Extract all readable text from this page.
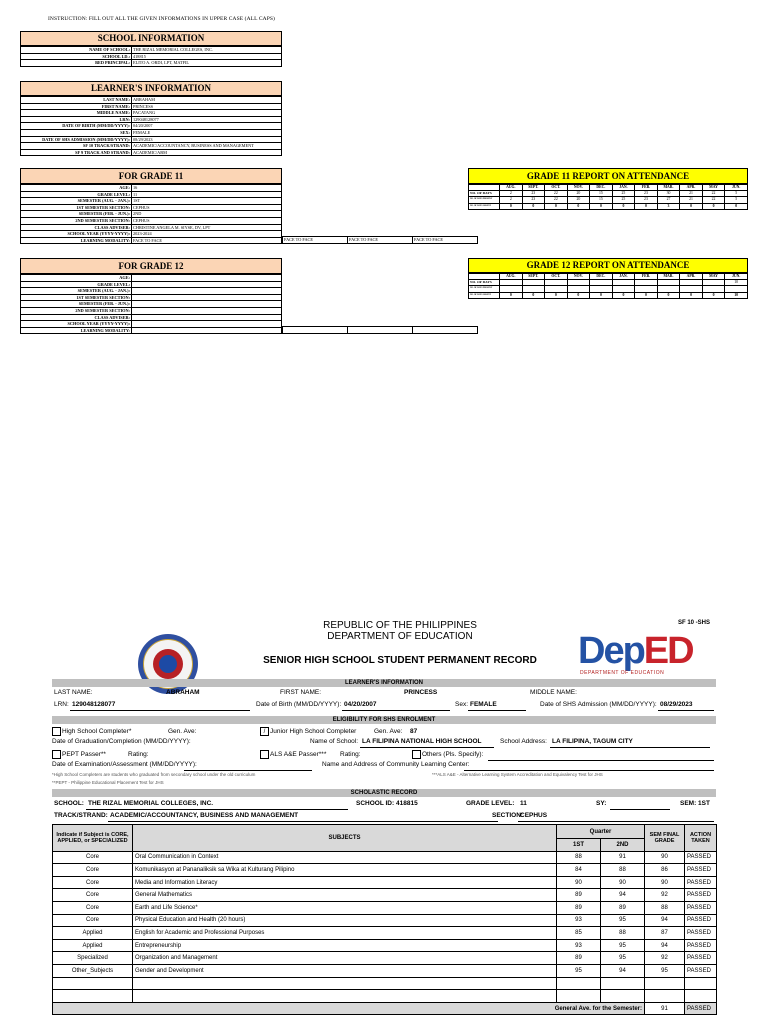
INSTRUCTION: FILL OUT ALL THE GIVEN INFORMATIONS IN UPPER CASE (ALL CAPS)
SCHOOL INFORMATION
NAME OF SCHOOL:	THE RIZAL MEMORIAL COLLEGES, INC.
SCHOOL I.D.:	418815
BED PRINCIPAL:	ELITO A. ORDI, LPT, MATFIL
LEARNER'S INFORMATION
LAST NAME:	ABRAHAM
FIRST NAME:	PRINCESS
MIDDLE NAME:	PACATANG
LRN:	129048128077
DATE OF BIRTH (MM/DD/YYYY):	04/20/2007
SEX:	FEMALE
DATE OF SHS ADMISSION (MM/DD/YYYY):	08/29/2023
SF 10 TRACK/STRAND:	ACADEMIC/ACCOUNTANCY, BUSINESS AND MANAGEMENT
SF 9 TRACK AND STRAND:	ACADEMIC/ABM
FOR GRADE 11
AGE:	16
GRADE LEVEL:	11
SEMESTER (AUG. - JAN.):	1ST
1ST SEMESTER SECTION:	CEPHUS
SEMESTER (FEB. - JUN.):	2ND
2ND SEMESTER SECTION:	CEPHUS
CLASS ADVISER:	CHRISTINE ANGELA M. SIYSE, DV, LPT
SCHOOL YEAR (YYYY-YYYY):	2023-2024
LEARNING MODALITY:	FACE TO FACE	FACE TO FACE	FACE TO FACE	FACE TO FACE
FOR GRADE 12
AGE:	
GRADE LEVEL:	
SEMESTER (AUG. - JAN.):	
1ST SEMESTER SECTION:	
SEMESTER (FEB. - JUN.):	
2ND SEMESTER SECTION:	
CLASS ADVISER:	
SCHOOL YEAR (YYYY-YYYY):	
LEARNING MODALITY:	

GRADE 11 REPORT ON ATTENDANCE
	AUG.	SEPT.	OCT.	NOV.	DEC.	JAN.	FEB.	MAR.	APR.	MAY	JUN.
NO. OF DAYS	2	23	22	20	15	25	23	30	21	22	5
NO. OF DAYS PRESENT	2	23	22	20	15	25	23	27	21	22	5
NO. OF DAYS ABSENT	0	0	0	0	0	0	0	3	0	0	0
GRADE 12 REPORT ON ATTENDANCE
	AUG.	SEPT.	OCT.	NOV.	DEC.	JAN.	FEB.	MAR.	APR.	MAY	JUN.
NO. OF DAYS											10
NO. OF DAYS PRESENT											
NO. OF DAYS ABSENT	0	0	0	0	0	0	0	0	0	0	10
SF 10 -SHS
REPUBLIC OF THE PHILIPPINES
DEPARTMENT OF EDUCATION
SENIOR HIGH SCHOOL STUDENT PERMANENT RECORD	DepED
DEPARTMENT OF EDUCATION
LEARNER'S INFORMATION
LAST NAME:	ABRAHAM	FIRST NAME:	PRINCESS	MIDDLE NAME:
LRN: 129048128077	Date of Birth (MM/DD/YYYY): 04/20/2007	Sex: FEMALE	Date of SHS Admission (MM/DD/YYYY): 08/29/2023
ELIGIBILITY FOR SHS ENROLMENT
High School Completer*	Gen. Ave:	/ Junior High School Completer	Gen. Ave: 87
Date of Graduation/Completion (MM/DD/YYYY):	Name of School: LA FILIPINA NATIONAL HIGH SCHOOL	School Address: LA FILIPINA, TAGUM CITY
PEPT Passer**	Rating:	ALS A&E Passer*** Rating:	Others (Pls. Specify):
Date of Examination/Assessment (MM/DD/YYYY):	Name and Address of Community Learning Center:
*High School Completers are students who graduated from secondary school under the old curriculum	***ALS A&E - Alternative Learning System Accreditation and Equivalency Test for JHS
**PEPT - Philippine Educational Placement Test for JHS
SCHOLASTIC RECORD
SCHOOL: THE RIZAL MEMORIAL COLLEGES, INC.	SCHOOL ID: 418815	GRADE LEVEL: 11	SY:	SEM: 1ST
TRACK/STRAND: ACADEMIC/ACCOUNTANCY, BUSINESS AND MANAGEMENT	SECTION:
CEPHUS
Indicate if Subject is CORE, APPLIED, or SPECIALIZED	SUBJECTS	Quarter		SEM FINAL GRADE	ACTION TAKEN
		1ST	2ND		
Core	Oral Communication in Context	88	91	90	PASSED
Core	Komunikasyon at Pananaliksik sa Wika at Kulturang Pilipino	84	88	86	PASSED
Core	Media and Information Literacy	90	90	90	PASSED
Core	General Mathematics	89	94	92	PASSED
Core	Earth and Life Science*	89	89	88	PASSED
Core	Physical Education and Health (20 hours)	93	95	94	PASSED
Applied	English for Academic and Professional Purposes	85	88	87	PASSED
Applied	Entrepreneurship	93	95	94	PASSED
Specialized	Organization and Management	89	95	92	PASSED
Other_Subjects	Gender and Development	95	94	95	PASSED

General Ave. for the Semester:				91	PASSED
